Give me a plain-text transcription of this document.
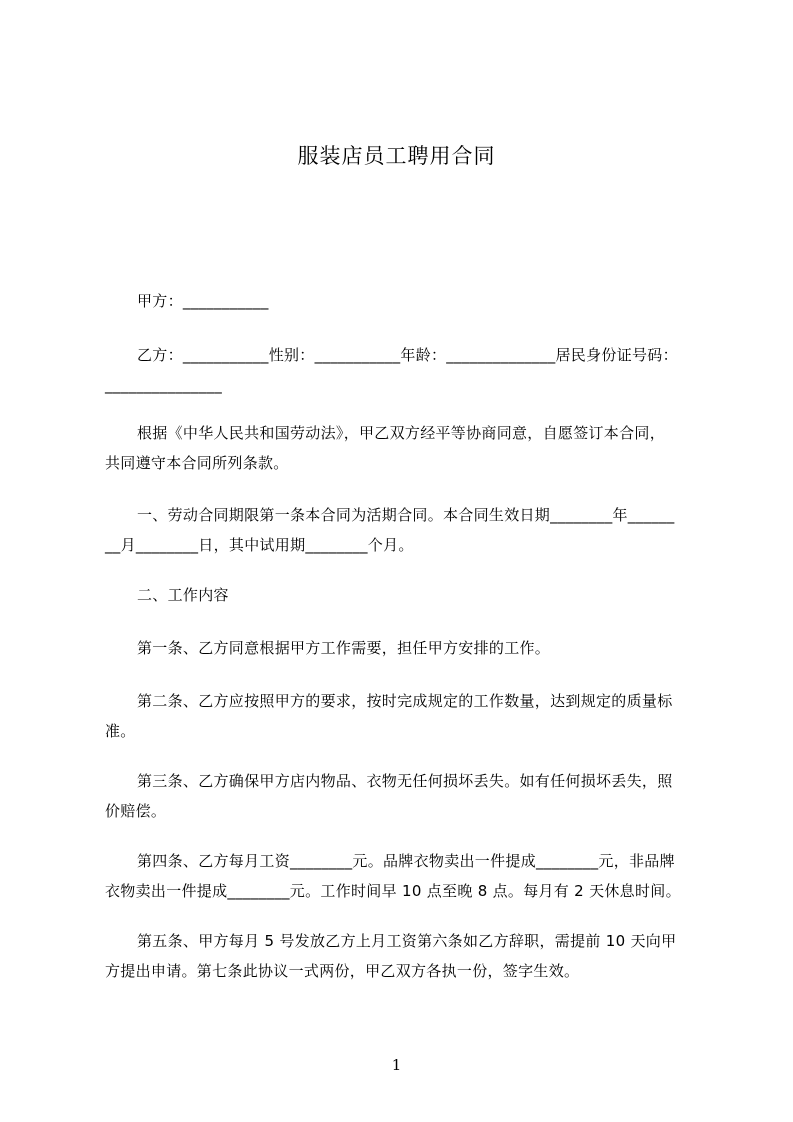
服装店员工聘用合同
甲方：___________
乙方：___________性别：___________年龄：______________居民身份证号码：
_______________
根据《中华人民共和国劳动法》，甲乙双方经平等协商同意，自愿签订本合同，
共同遵守本合同所列条款。
一、劳动合同期限第一条本合同为活期合同。本合同生效日期________年______
__月________日，其中试用期________个月。
二、工作内容
第一条、乙方同意根据甲方工作需要，担任甲方安排的工作。
第二条、乙方应按照甲方的要求，按时完成规定的工作数量，达到规定的质量标
准。
第三条、乙方确保甲方店内物品、衣物无任何损坏丢失。如有任何损坏丢失，照
价赔偿。
第四条、乙方每月工资________元。品牌衣物卖出一件提成________元，非品牌
衣物卖出一件提成________元。工作时间早 10 点至晚 8 点。每月有 2 天休息时间。
第五条、甲方每月 5 号发放乙方上月工资第六条如乙方辞职，需提前 10 天向甲
方提出申请。第七条此协议一式两份，甲乙双方各执一份，签字生效。
1
